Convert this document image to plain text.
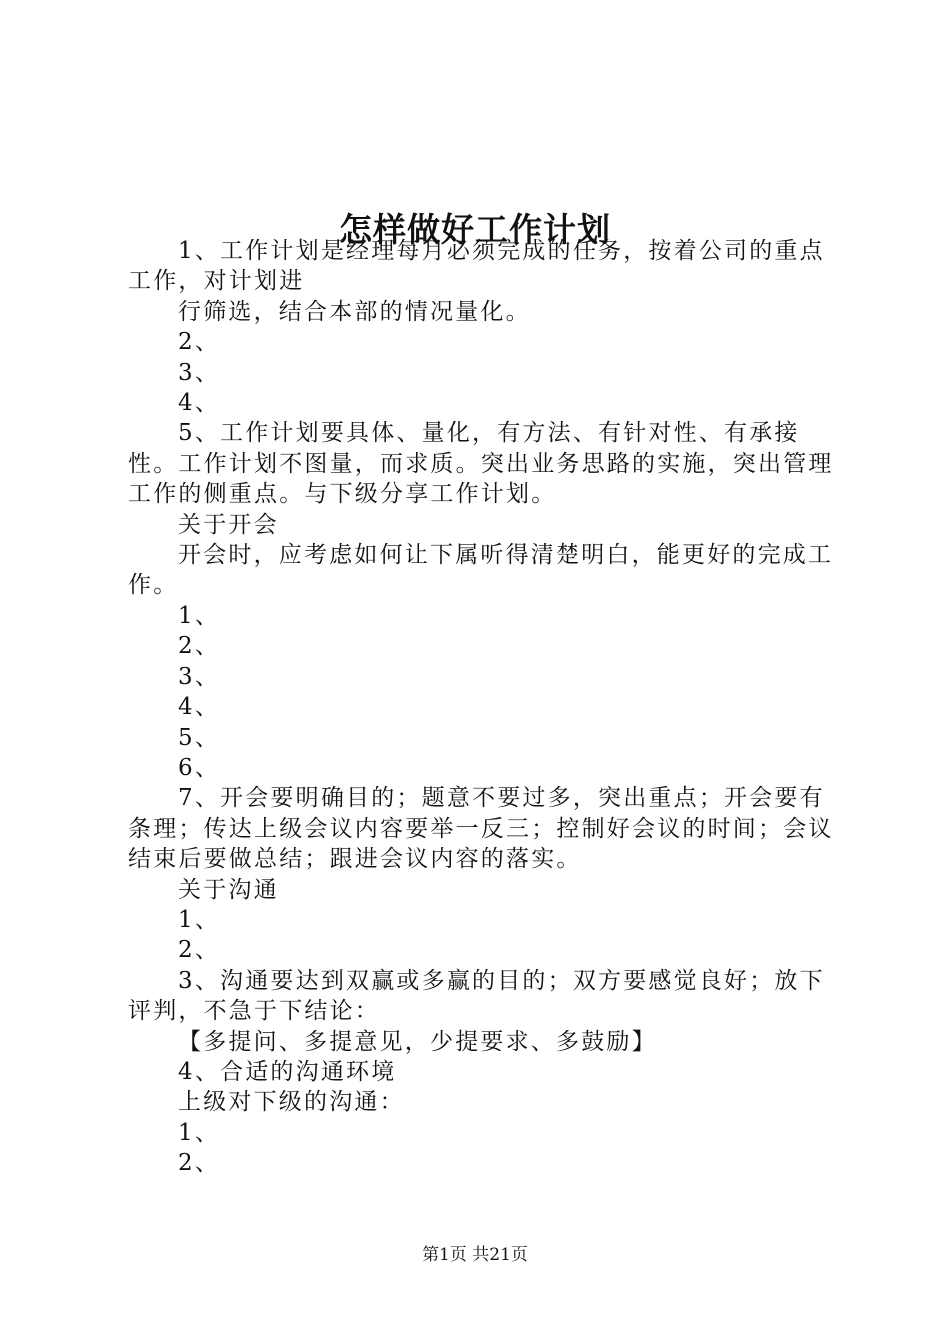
怎样做好工作计划

1、工作计划是经理每月必须完成的任务，按着公司的重点工作，对计划进

行筛选，结合本部的情况量化。

2、

3、

4、

5、工作计划要具体、量化，有方法、有针对性、有承接性。工作计划不图量，而求质。突出业务思路的实施，突出管理工作的侧重点。与下级分享工作计划。

关于开会

开会时，应考虑如何让下属听得清楚明白，能更好的完成工作。

1、

2、

3、

4、

5、

6、

7、开会要明确目的；题意不要过多，突出重点；开会要有条理；传达上级会议内容要举一反三；控制好会议的时间；会议结束后要做总结；跟进会议内容的落实。

关于沟通

1、

2、

3、沟通要达到双赢或多赢的目的；双方要感觉良好；放下评判，不急于下结论：

【多提问、多提意见，少提要求、多鼓励】

4、合适的沟通环境

上级对下级的沟通：

1、

2、

第1页 共21页
